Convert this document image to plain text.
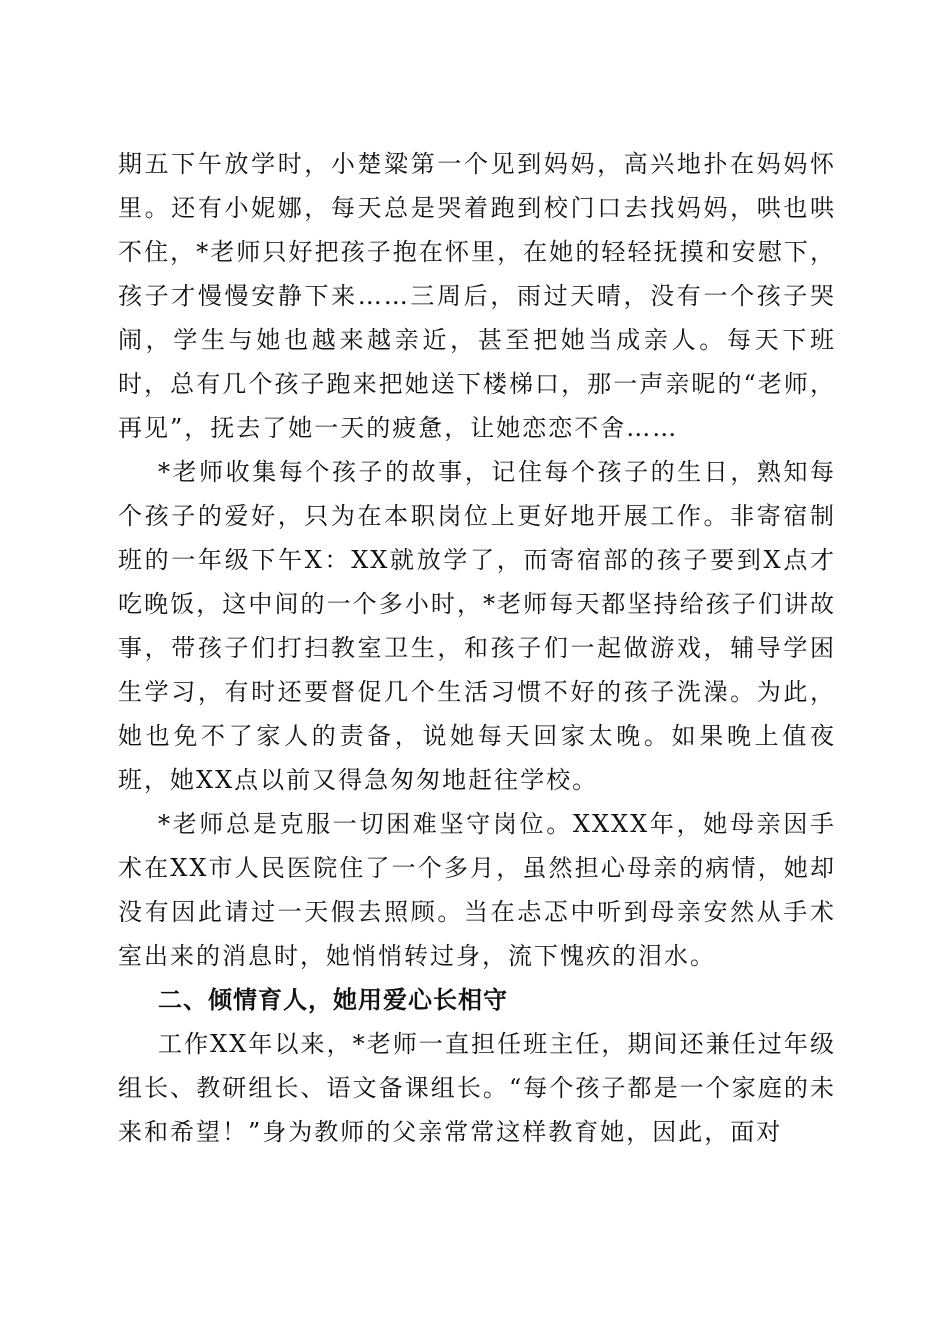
期五下午放学时，小楚粱第一个见到妈妈，高兴地扑在妈妈怀里。还有小妮娜，每天总是哭着跑到校门口去找妈妈，哄也哄不住，*老师只好把孩子抱在怀里，在她的轻轻抚摸和安慰下，孩子才慢慢安静下来……三周后，雨过天晴，没有一个孩子哭闹，学生与她也越来越亲近，甚至把她当成亲人。每天下班时，总有几个孩子跑来把她送下楼梯口，那一声亲昵的“老师，再见”，抚去了她一天的疲惫，让她恋恋不舍……

*老师收集每个孩子的故事，记住每个孩子的生日，熟知每个孩子的爱好，只为在本职岗位上更好地开展工作。非寄宿制班的一年级下午X：XX就放学了，而寄宿部的孩子要到X点才吃晚饭，这中间的一个多小时，*老师每天都坚持给孩子们讲故事，带孩子们打扫教室卫生，和孩子们一起做游戏，辅导学困生学习，有时还要督促几个生活习惯不好的孩子洗澡。为此，她也免不了家人的责备，说她每天回家太晚。如果晚上值夜班，她XX点以前又得急匆匆地赶往学校。

*老师总是克服一切困难坚守岗位。XXXX年，她母亲因手术在XX市人民医院住了一个多月，虽然担心母亲的病情，她却没有因此请过一天假去照顾。当在忐忑中听到母亲安然从手术室出来的消息时，她悄悄转过身，流下愧疚的泪水。

二、倾情育人，她用爱心长相守

工作XX年以来，*老师一直担任班主任，期间还兼任过年级组长、教研组长、语文备课组长。“每个孩子都是一个家庭的未来和希望！”身为教师的父亲常常这样教育她，因此，面对
